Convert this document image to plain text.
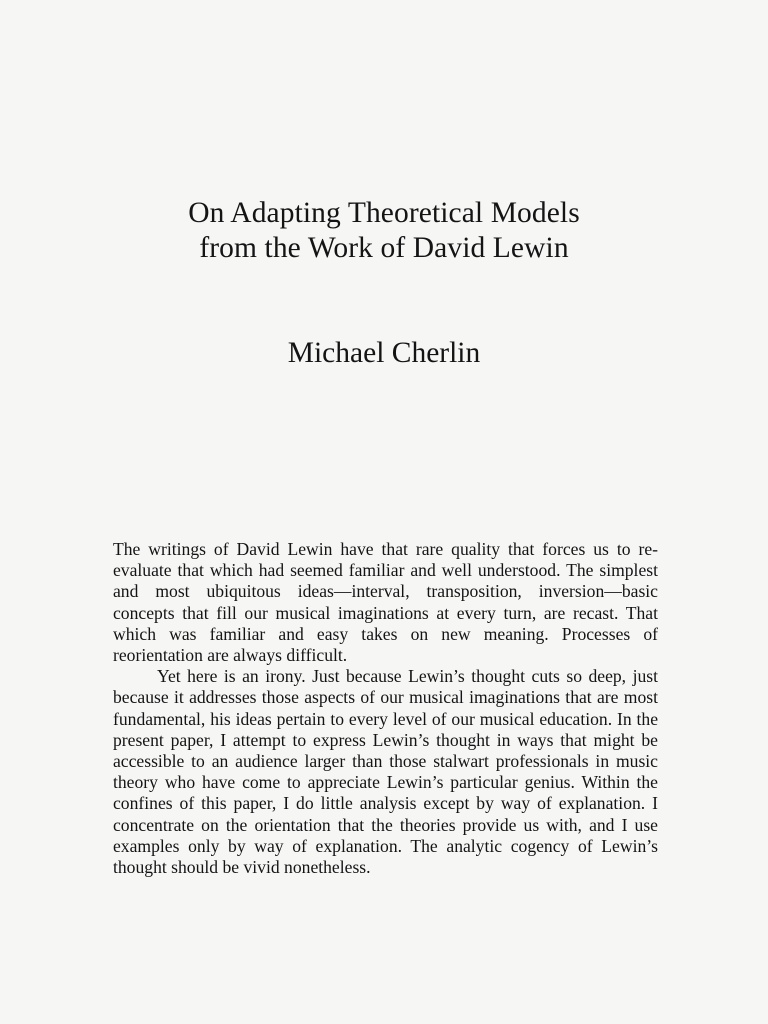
On Adapting Theoretical Models
from the Work of David Lewin
Michael Cherlin

The writings of David Lewin have that rare quality that forces us to re-evaluate that which had seemed familiar and well understood. The simplest and most ubiquitous ideas—interval, transposition, inversion—basic concepts that fill our musical imaginations at every turn, are recast. That which was familiar and easy takes on new meaning. Processes of reorientation are always difficult.

Yet here is an irony. Just because Lewin’s thought cuts so deep, just because it addresses those aspects of our musical imaginations that are most fundamental, his ideas pertain to every level of our musical education. In the present paper, I attempt to express Lewin’s thought in ways that might be accessible to an audience larger than those stalwart professionals in music theory who have come to appreciate Lewin’s particular genius. Within the confines of this paper, I do little analysis except by way of explanation. I concentrate on the orientation that the theories provide us with, and I use examples only by way of explanation. The analytic cogency of Lewin’s thought should be vivid nonetheless.
